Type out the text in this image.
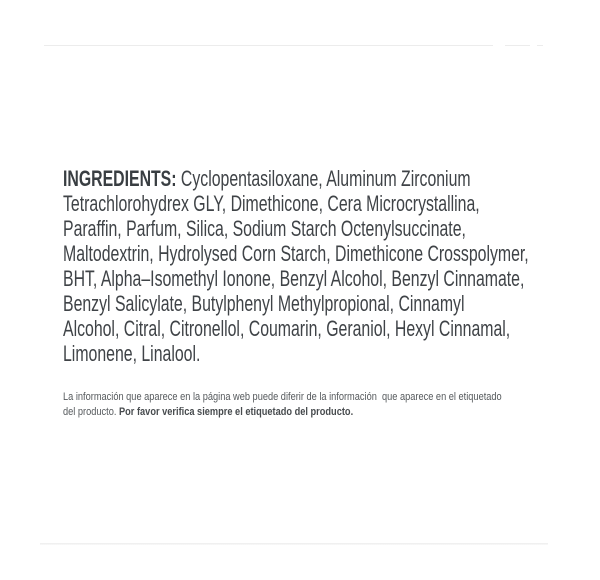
INGREDIENTS: Cyclopentasiloxane, Aluminum Zirconium
Tetrachlorohydrex GLY, Dimethicone, Cera Microcrystallina,
Paraffin, Parfum, Silica, Sodium Starch Octenylsuccinate,
Maltodextrin, Hydrolysed Corn Starch, Dimethicone Crosspolymer,
BHT, Alpha–Isomethyl Ionone, Benzyl Alcohol, Benzyl Cinnamate,
Benzyl Salicylate, Butylphenyl Methylpropional, Cinnamyl
Alcohol, Citral, Citronellol, Coumarin, Geraniol, Hexyl Cinnamal,
Limonene, Linalool.
La información que aparece en la página web puede diferir de la información  que aparece en el etiquetado
del producto. Por favor verifica siempre el etiquetado del producto.
